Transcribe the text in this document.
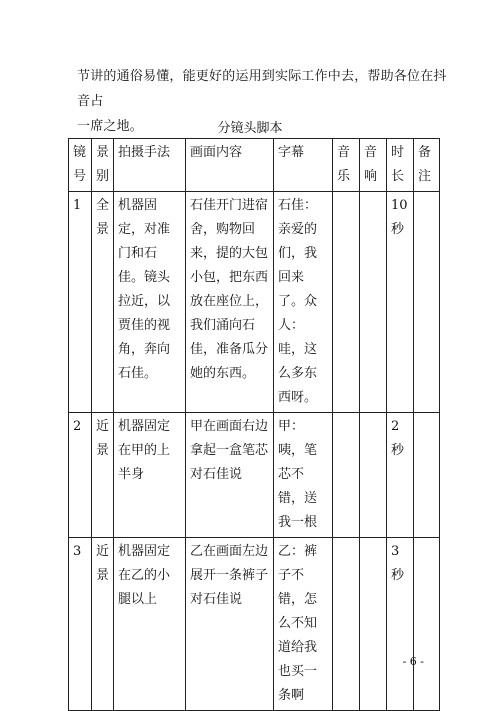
节讲的通俗易懂，能更好的运用到实际工作中去，帮助各位在抖音占

一席之地。	分镜头脚本
镜号	景别	拍摄手法	画面内容	字幕	音乐	音响	时长	备注
1	全景	机器固定，对准门和石佳。镜头拉近，以贾佳的视角，奔向石佳。	石佳开门进宿舍，购物回来，提的大包小包，把东西放在座位上，我们涌向石佳，准备瓜分她的东西。	石佳：亲爱的们，我回来了。众人：哇，这么多东西呀。			10秒	
2	近景	机器固定在甲的上半身	甲在画面右边拿起一盒笔芯对石佳说	甲：咦，笔芯不错，送我一根			2秒	
3	近景	机器固定在乙的小腿以上	乙在画面左边展开一条裤子对石佳说	乙：裤子不错，怎么不知道给我也买一条啊			3秒	
- 6 -
